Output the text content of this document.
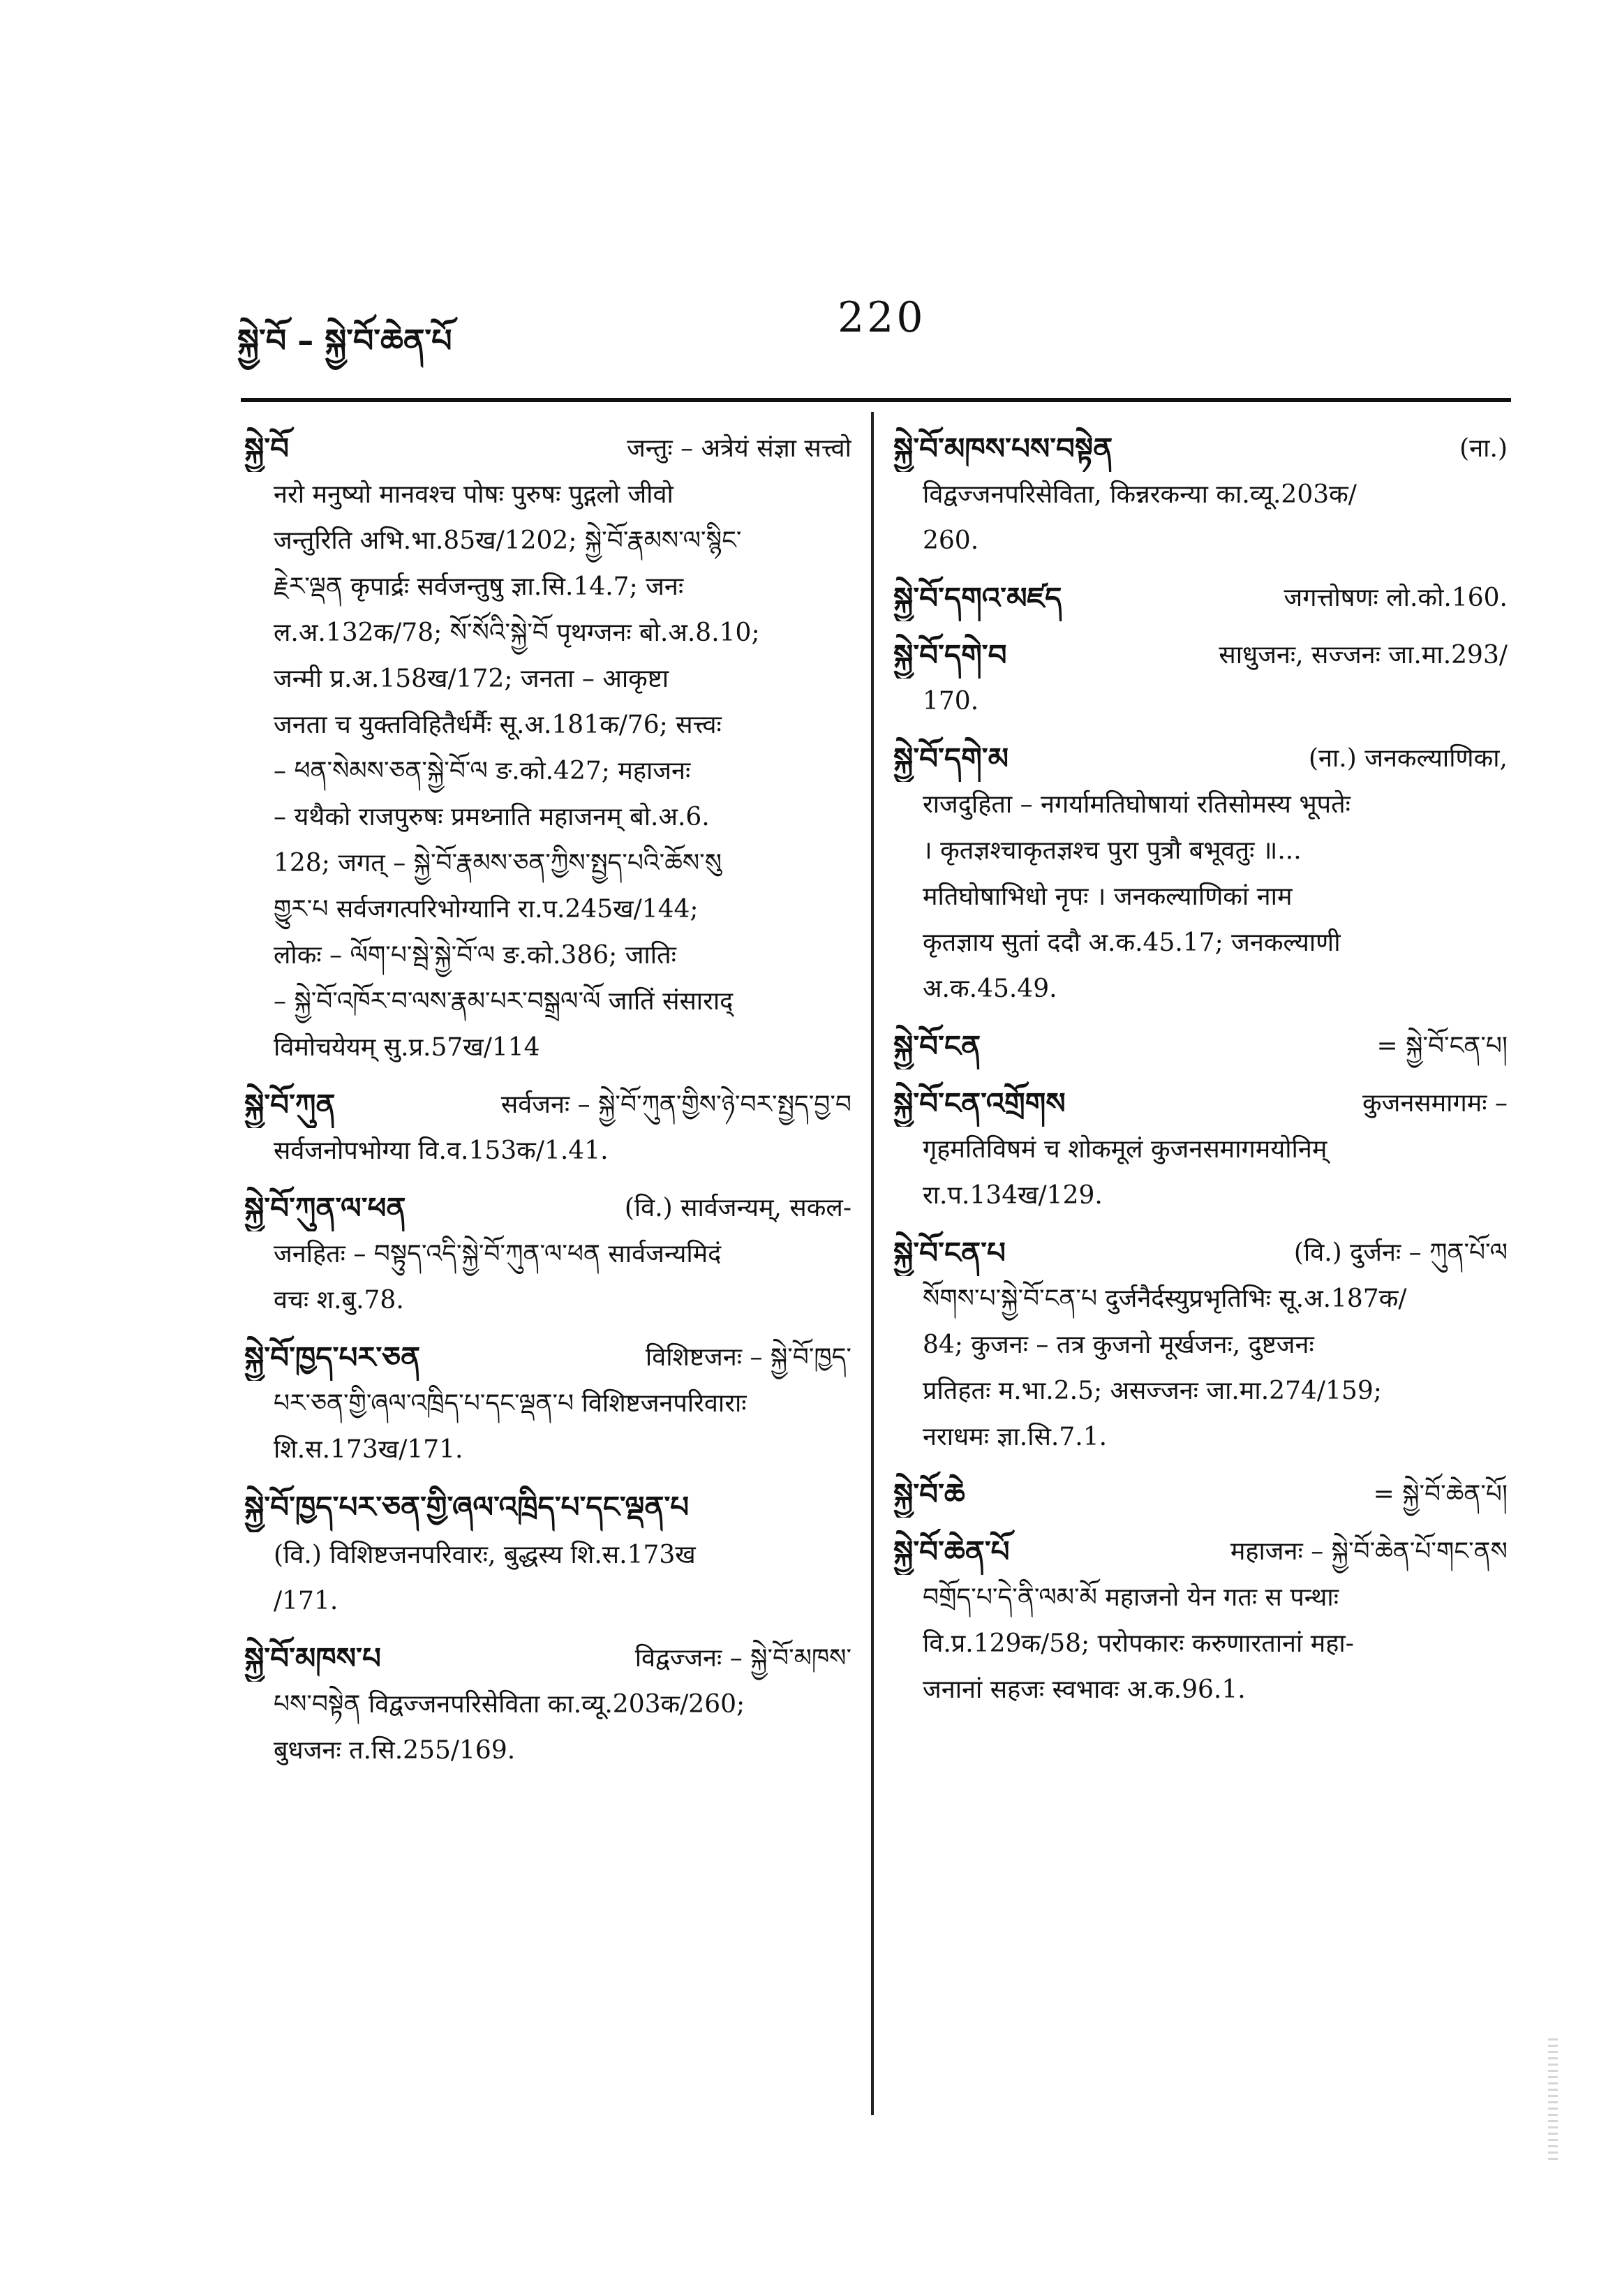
སྐྱེ་བོ – སྐྱེ་བོ་ཆེན་པོ	220
སྐྱེ་བོ	जन्तुः – अत्रेयं संज्ञा सत्त्वो
नरो मनुष्यो मानवश्च पोषः पुरुषः पुद्गलो जीवो
जन्तुरिति अभि.भा.85ख/1202; སྐྱེ་བོ་རྣམས་ལ་སྙིང་
རྗེར་ལྡན कृपार्द्रः सर्वजन्तुषु ज्ञा.सि.14.7; जनः
ल.अ.132क/78; སོ་སོའི་སྐྱེ་བོ पृथग्जनः बो.अ.8.10;
जन्मी प्र.अ.158ख/172; जनता – आकृष्टा
जनता च युक्तविहितैर्धर्मैः सू.अ.181क/76; सत्त्वः
– ཕན་སེམས་ཅན་སྐྱེ་བོ་ལ ङ.को.427; महाजनः
– यथैको राजपुरुषः प्रमथ्नाति महाजनम् बो.अ.6.
128; जगत् – སྐྱེ་བོ་རྣམས་ཅན་ཀྱིས་སྤྱད་པའི་ཆོས་སུ
གྱུར་པ सर्वजगत्परिभोग्यानि रा.प.245ख/144;
लोकः – ལོག་པ་སྦེ་སྐྱེ་བོ་ལ ङ.को.386; जातिः
– སྐྱེ་བོ་འཁོར་བ་ལས་རྣམ་པར་བསྒྲལ་ལོ जातिं संसाराद्
विमोचयेयम् सु.प्र.57ख/114
སྐྱེ་བོ་ཀུན	सर्वजनः – སྐྱེ་བོ་ཀུན་གྱིས་ཉེ་བར་སྤྱད་བྱ་བ
सर्वजनोपभोग्या वि.व.153क/1.41.
སྐྱེ་བོ་ཀུན་ལ་ཕན	(वि.) सार्वजन्यम्, सकल-
जनहितः – བསྟུད་འདི་སྐྱེ་བོ་ཀུན་ལ་ཕན सार्वजन्यमिदं
वचः श.बु.78.
སྐྱེ་བོ་ཁྱད་པར་ཅན	विशिष्टजनः – སྐྱེ་བོ་ཁྱད་
པར་ཅན་གྱི་ཞལ་འཁྲིད་པ་དང་ལྡན་པ विशिष्टजनपरिवाराः
शि.स.173ख/171.
སྐྱེ་བོ་ཁྱད་པར་ཅན་གྱི་ཞལ་འཁྲིད་པ་དང་ལྡན་པ
(वि.) विशिष्टजनपरिवारः, बुद्धस्य शि.स.173ख
/171.
སྐྱེ་བོ་མཁས་པ	विद्वज्जनः – སྐྱེ་བོ་མཁས་
པས་བསྟེན विद्वज्जनपरिसेविता का.व्यू.203क/260;
बुधजनः त.सि.255/169.
སྐྱེ་བོ་མཁས་པས་བསྟེན	(ना.)
विद्वज्जनपरिसेविता, किन्नरकन्या का.व्यू.203क/
260.
སྐྱེ་བོ་དགའ་མཛད	जगत्तोषणः लो.को.160.
སྐྱེ་བོ་དགེ་བ	साधुजनः, सज्जनः जा.मा.293/
170.
སྐྱེ་བོ་དགེ་མ	(ना.) जनकल्याणिका,
राजदुहिता – नगर्यामतिघोषायां रतिसोमस्य भूपतेः
। कृतज्ञश्चाकृतज्ञश्च पुरा पुत्रौ बभूवतुः ॥...
मतिघोषाभिधो नृपः । जनकल्याणिकां नाम
कृतज्ञाय सुतां ददौ अ.क.45.17; जनकल्याणी
अ.क.45.49.
སྐྱེ་བོ་ངན	= སྐྱེ་བོ་ངན་པ།
སྐྱེ་བོ་ངན་འགྲོགས	कुजनसमागमः –
गृहमतिविषमं च शोकमूलं कुजनसमागमयोनिम्
रा.प.134ख/129.
སྐྱེ་བོ་ངན་པ	(वि.) दुर्जनः – ཀུན་པོ་ལ
སོགས་པ་སྐྱེ་བོ་ངན་པ दुर्जनैर्दस्युप्रभृतिभिः सू.अ.187क/
84; कुजनः – तत्र कुजनो मूर्खजनः, दुष्टजनः
प्रतिहतः म.भा.2.5; असज्जनः जा.मा.274/159;
नराधमः ज्ञा.सि.7.1.
སྐྱེ་བོ་ཆེ	= སྐྱེ་བོ་ཆེན་པོ།
སྐྱེ་བོ་ཆེན་པོ	महाजनः – སྐྱེ་བོ་ཆེན་པོ་གང་ནས
བགྲོད་པ་དེ་ནི་ལམ་མོ महाजनो येन गतः स पन्थाः
वि.प्र.129क/58; परोपकारः करुणारतानां महा-
जनानां सहजः स्वभावः अ.क.96.1.
